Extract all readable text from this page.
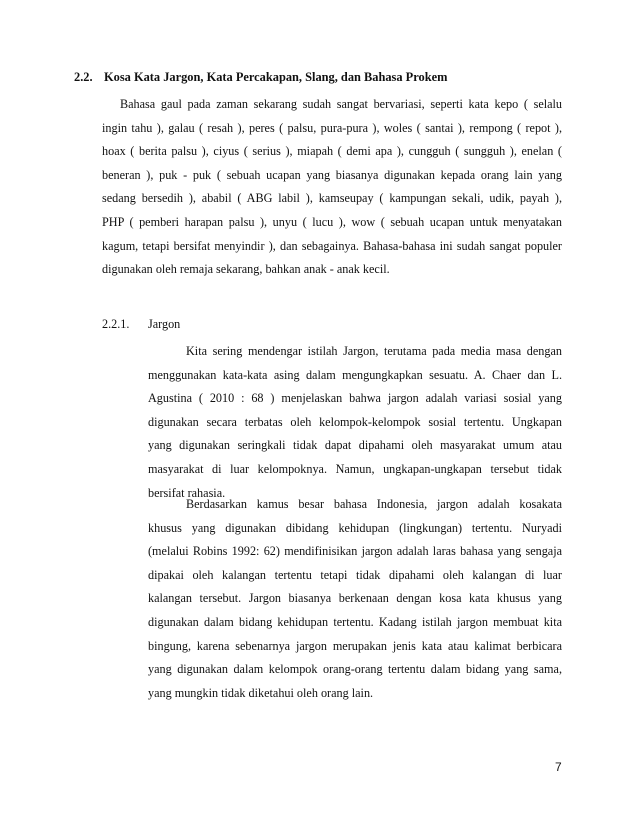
2.2. Kosa Kata Jargon, Kata Percakapan, Slang, dan Bahasa Prokem
Bahasa gaul pada zaman sekarang sudah sangat bervariasi, seperti kata kepo ( selalu
ingin tahu ), galau ( resah ), peres ( palsu, pura-pura ), woles ( santai ), rempong ( repot ),
hoax ( berita palsu ), ciyus ( serius ), miapah ( demi apa ), cungguh ( sungguh ), enelan (
beneran ), puk - puk ( sebuah ucapan yang biasanya digunakan kepada orang lain yang
sedang bersedih ), ababil ( ABG labil ), kamseupay ( kampungan sekali, udik, payah ),
PHP ( pemberi harapan palsu ), unyu ( lucu ), wow ( sebuah ucapan untuk menyatakan
kagum, tetapi bersifat menyindir ), dan sebagainya. Bahasa-bahasa ini sudah sangat populer
digunakan oleh remaja sekarang, bahkan anak - anak kecil.
2.2.1. Jargon
Kita sering mendengar istilah Jargon, terutama pada media masa dengan
menggunakan kata-kata asing dalam mengungkapkan sesuatu. A. Chaer dan L.
Agustina ( 2010 : 68 ) menjelaskan bahwa jargon adalah variasi sosial yang
digunakan secara terbatas oleh kelompok-kelompok sosial tertentu. Ungkapan
yang digunakan seringkali tidak dapat dipahami oleh masyarakat umum atau
masyarakat di luar kelompoknya. Namun, ungkapan-ungkapan tersebut tidak
bersifat rahasia.
Berdasarkan kamus besar bahasa Indonesia, jargon adalah kosakata
khusus yang digunakan dibidang kehidupan (lingkungan) tertentu. Nuryadi
(melalui Robins 1992: 62) mendifinisikan jargon adalah laras bahasa yang sengaja
dipakai oleh kalangan tertentu tetapi tidak dipahami oleh kalangan di luar
kalangan tersebut. Jargon biasanya berkenaan dengan kosa kata khusus yang
digunakan dalam bidang kehidupan tertentu. Kadang istilah jargon membuat kita
bingung, karena sebenarnya jargon merupakan jenis kata atau kalimat berbicara
yang digunakan dalam kelompok orang-orang tertentu dalam bidang yang sama,
yang mungkin tidak diketahui oleh orang lain.
7
